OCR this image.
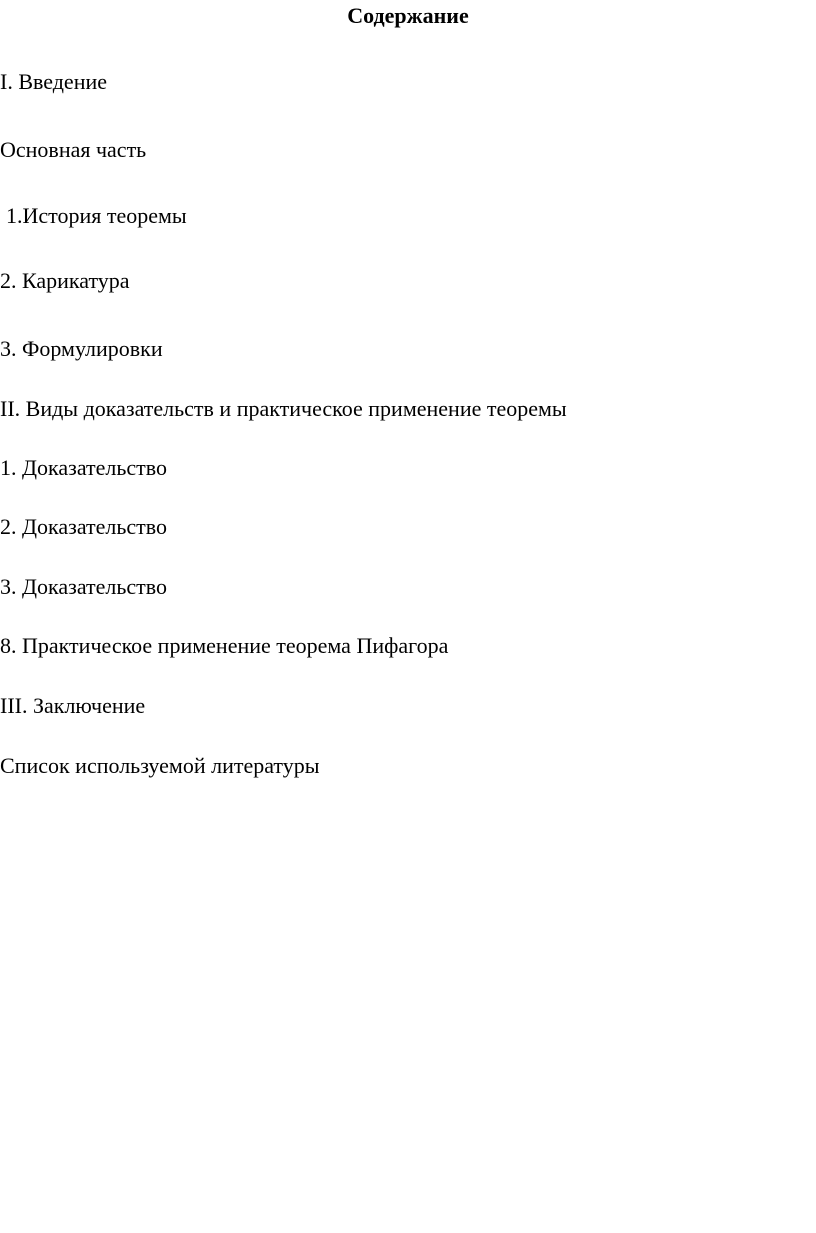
Содержание

I. Введение

Основная часть

1.История теоремы

2. Карикатура

3. Формулировки

II. Виды доказательств и практическое применение теоремы

1. Доказательство

2. Доказательство

3. Доказательство

8. Практическое применение теорема Пифагора

III. Заключение

Список используемой литературы
